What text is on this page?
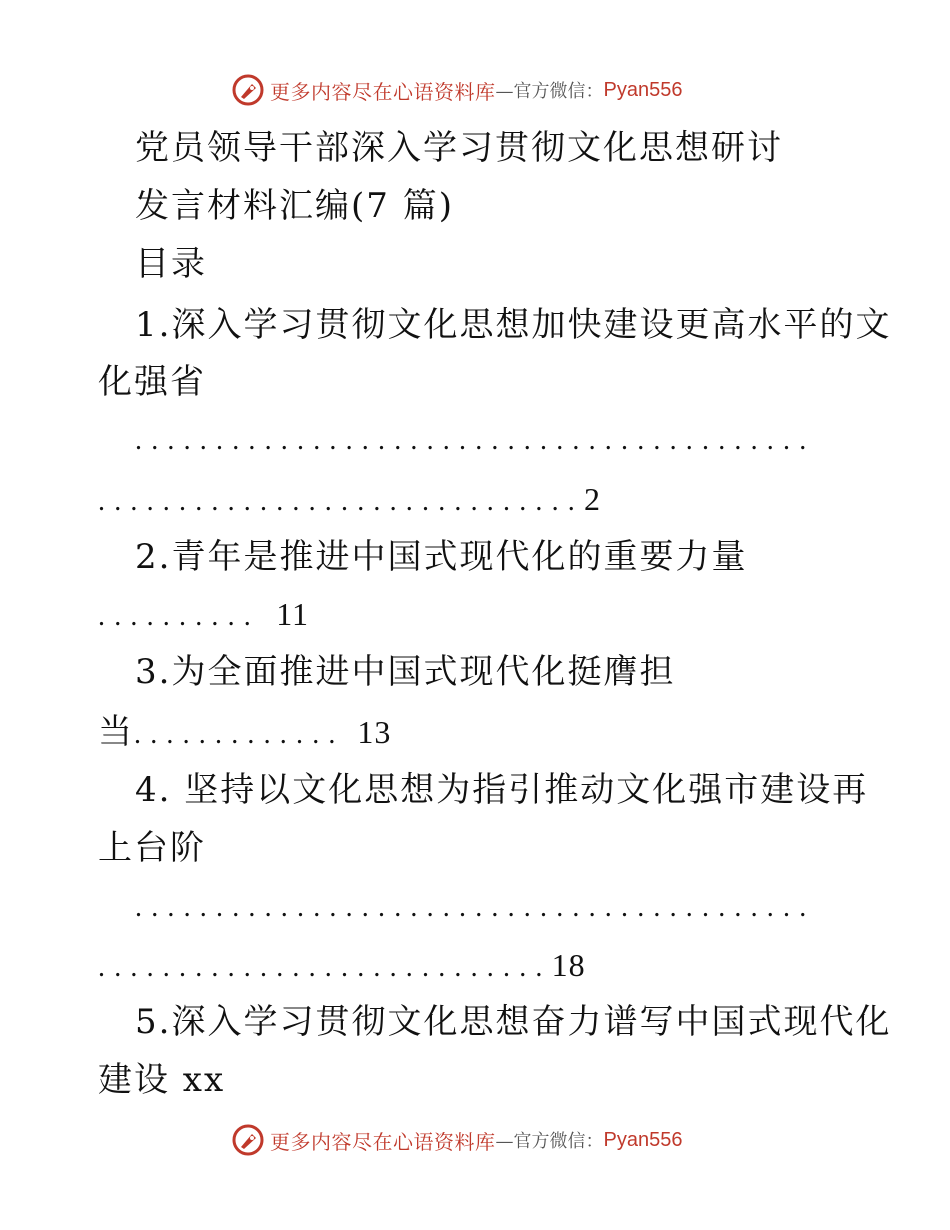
更多内容尽在心语资料库 —官方微信： Pyan556
党员领导干部深入学习贯彻文化思想研讨
发言材料汇编(7 篇)
目录
1.深入学习贯彻文化思想加快建设更高水平的文
化强省
..........................................
..............................2
2.青年是推进中国式现代化的重要力量
.......... 11
3.为全面推进中国式现代化挺膺担
当............. 13
4. 坚持以文化思想为指引推动文化强市建设再
上台阶
..........................................
............................18
5.深入学习贯彻文化思想奋力谱写中国式现代化
建设 xx
更多内容尽在心语资料库 —官方微信： Pyan556
